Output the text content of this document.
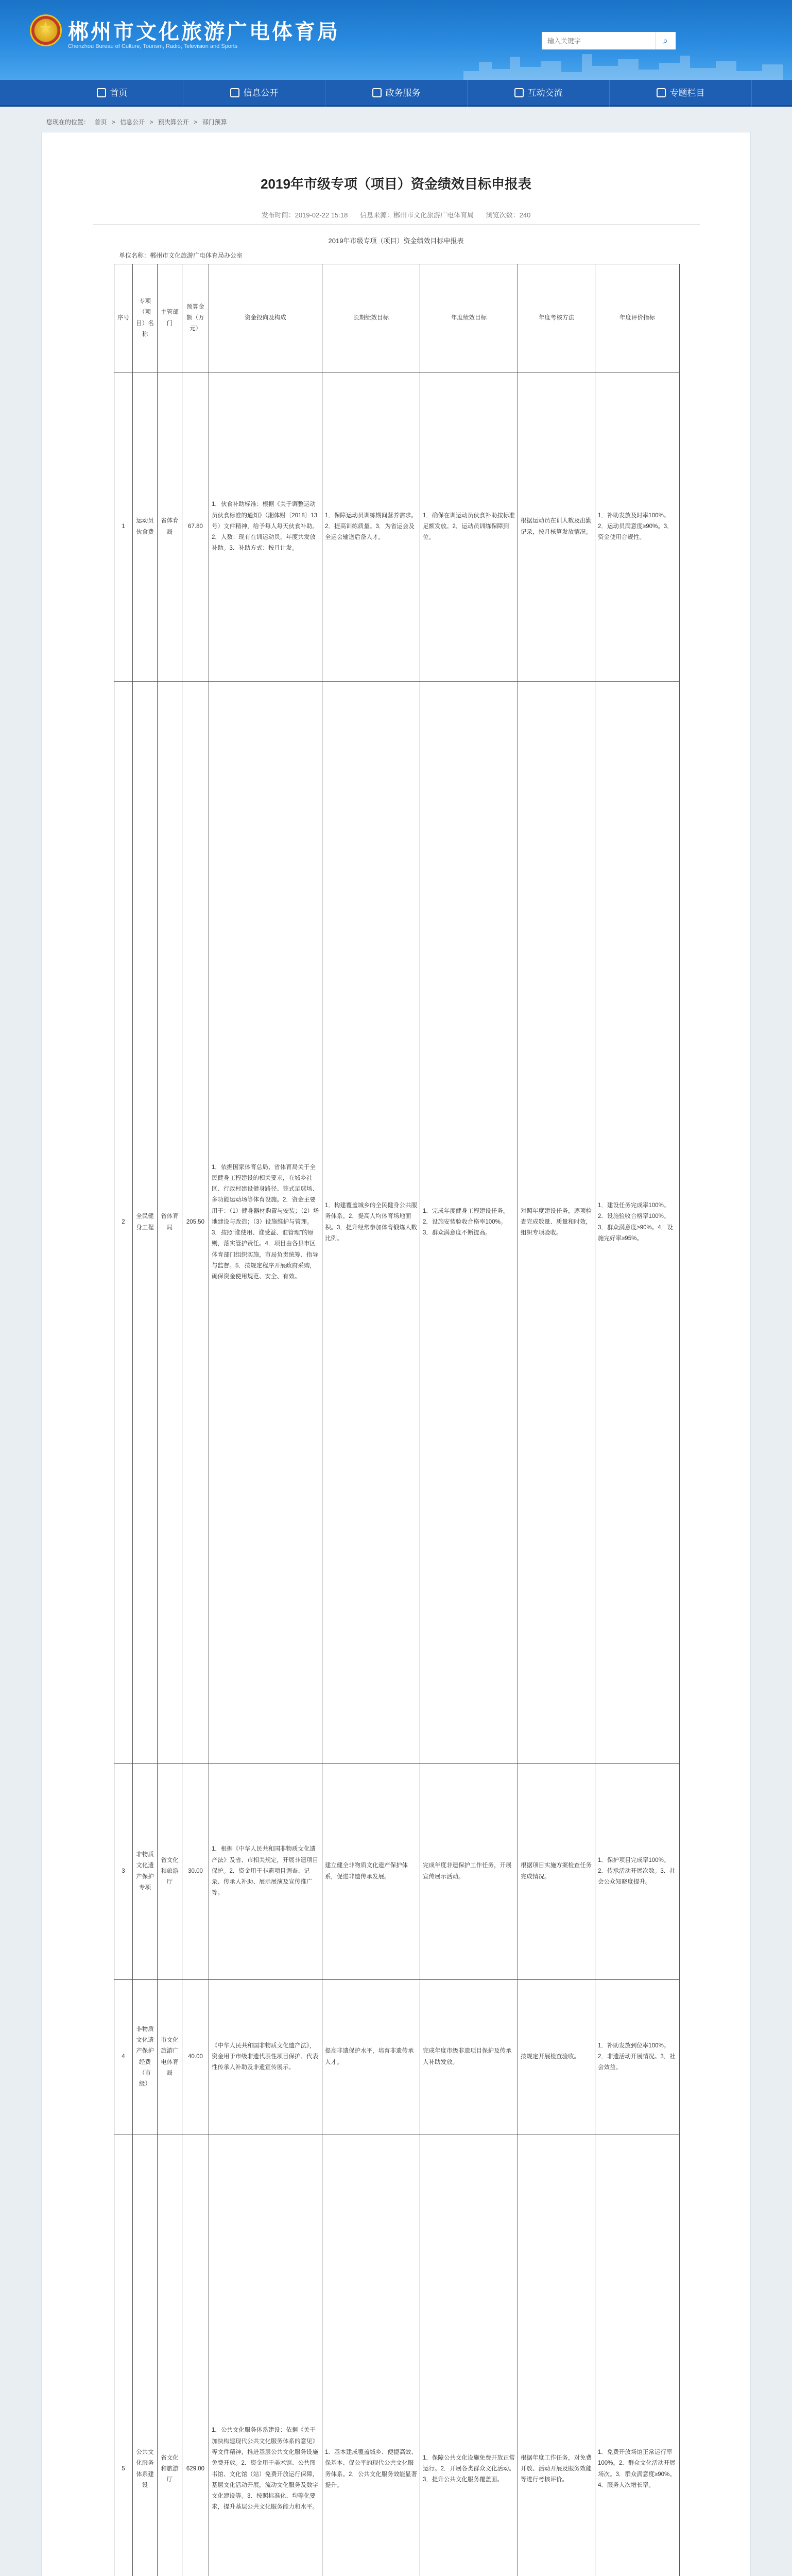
★
郴州市文化旅游广电体育局
Chenzhou Bureau of Culture, Tourism, Radio, Television and Sports
输入关键字
⌕
首页	信息公开	政务服务	互动交流	专题栏目
您现在的位置： 首页 > 信息公开 > 预决算公开 > 部门预算
2019年市级专项（项目）资金绩效目标申报表
发布时间：2019-02-22 15:18 信息来源：郴州市文化旅游广电体育局 浏览次数：240
2019年市级专项（项目）资金绩效目标申报表
单位名称：郴州市文化旅游广电体育局办公室
序号	专项（项目）名称	主管部门	预算金额（万元）	资金投向及构成	长期绩效目标	年度绩效目标	年度考核方法	年度评价指标
1	运动员伙食费	省体育局	67.80	1．伙食补助标准：根据《关于调整运动员伙食标准的通知》（湘体财〔2018〕13号）文件精神，给予每人每天伙食补助。2．人数：现有在训运动员，年度共发放补助。3．补助方式：按月计发。	1．保障运动员训练期间营养需求。2．提高训练质量。3．为省运会及全运会输送后备人才。	1．确保在训运动员伙食补助按标准足额发放。2．运动员训练保障到位。	根据运动员在训人数及出勤记录，按月核算发放情况。	1．补助发放及时率100%。2．运动员满意度≥90%。3．资金使用合规性。
2	全民健身工程	省体育局	205.50	1．依据国家体育总局、省体育局关于全民健身工程建设的相关要求，在城乡社区、行政村建设健身路径、笼式足球场、多功能运动场等体育设施。2．资金主要用于：（1）健身器材购置与安装；（2）场地建设与改造；（3）设施维护与管理。3．按照“谁使用、谁受益、谁管理”的原则，落实管护责任。4．项目由各县市区体育部门组织实施，市局负责统筹、指导与监督。5．按规定程序开展政府采购，确保资金使用规范、安全、有效。	1．构建覆盖城乡的全民健身公共服务体系。2．提高人均体育场地面积。3．提升经常参加体育锻炼人数比例。	1．完成年度健身工程建设任务。2．设施安装验收合格率100%。3．群众满意度不断提高。	对照年度建设任务，逐项检查完成数量、质量和时效，组织专项验收。	1．建设任务完成率100%。2．设施验收合格率100%。3．群众满意度≥90%。4．设施完好率≥95%。
3	非物质文化遗产保护专项	省文化和旅游厅	30.00	1．根据《中华人民共和国非物质文化遗产法》及省、市相关规定，开展非遗项目保护。2．资金用于非遗项目调查、记录、传承人补助、展示展演及宣传推广等。	建立健全非物质文化遗产保护体系，促进非遗传承发展。	完成年度非遗保护工作任务，开展宣传展示活动。	根据项目实施方案检查任务完成情况。	1．保护项目完成率100%。2．传承活动开展次数。3．社会公众知晓度提升。
4	非物质文化遗产保护经费（市级）	市文化旅游广电体育局	40.00	《中华人民共和国非物质文化遗产法》，资金用于市级非遗代表性项目保护、代表性传承人补助及非遗宣传展示。	提高非遗保护水平，培育非遗传承人才。	完成年度市级非遗项目保护及传承人补助发放。	按规定开展检查验收。	1．补助发放到位率100%。2．非遗活动开展情况。3．社会效益。
5	公共文化服务体系建设	省文化和旅游厅	629.00	1．公共文化服务体系建设：依据《关于加快构建现代公共文化服务体系的意见》等文件精神，推进基层公共文化服务设施免费开放。2．资金用于美术馆、公共图书馆、文化馆（站）免费开放运行保障，基层文化活动开展，流动文化服务及数字文化建设等。3．按照标准化、均等化要求，提升基层公共文化服务能力和水平。	1．基本建成覆盖城乡、便捷高效、保基本、促公平的现代公共文化服务体系。2．公共文化服务效能显著提升。	1．保障公共文化设施免费开放正常运行。2．开展各类群众文化活动。3．提升公共文化服务覆盖面。	根据年度工作任务，对免费开放、活动开展及服务效能等进行考核评价。	1．免费开放场馆正常运行率100%。2．群众文化活动开展场次。3．群众满意度≥90%。4．服务人次增长率。
